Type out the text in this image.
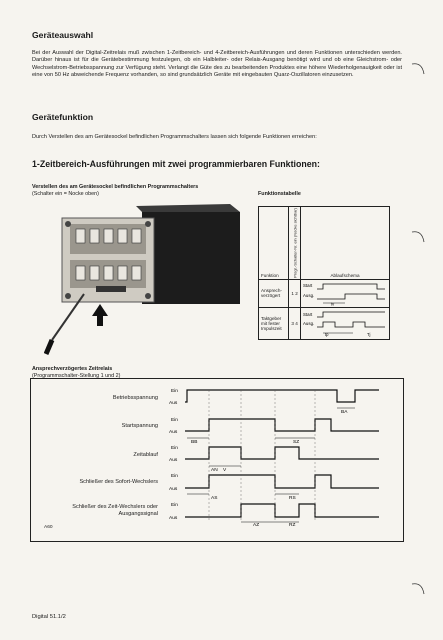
Geräteauswahl

Bei der Auswahl der Digital-Zeitrelais muß zwischen 1-Zeitbereich- und 4-Zeitbereich-Ausführungen und deren Funktionen unterschieden werden. Darüber hinaus ist für die Gerätebestimmung festzulegen, ob ein Halbleiter- oder Relais-Ausgang benötigt wird und ob eine Gleichstrom- oder Wechselstrom-Betriebsspannung zur Verfügung steht. Verlangt die Güte des zu bearbeitenden Produktes eine höhere Wiederholgenauigkeit oder ist eine von 50 Hz abweichende Frequenz vorhanden, so sind grundsätzlich Geräte mit eingebauten Quarz-Oszillatoren einzusetzen.

Gerätefunktion

Durch Verstellen des am Gerätesockel befindlichen Programmschalters lassen sich folgende Funktionen erreichen:

1-Zeitbereich-Ausführungen mit zwei programmierbaren Funktionen:
Verstellen des am Gerätesockel befindlichen Programmschalters
(Schalter ein = Nocke oben)	Funktionstabelle
Funktion	Progr.-Schalter-Nr. ein (Nocke sichtbar)	Ablaufschema
Ansprech-verzögert	1 2	Start
Ausg.
tv

Taktgeber mit fester Impulszeit	3 4	Start
Ausg.
tp Tj
Ansprechverzögertes Zeitrelais
(Programmschalter-Stellung 1 und 2)
Betriebsspannung
Startspannung
Zeitablauf
Schließer des Sofort-Wechslers
Schließer des Zeit-Wechslers oder Ausgangssignal
A60
Ein
Aus
Ein
Aus
Ein
Aus
Ein
Aus
Ein
Aus
BA
BB	SZ
AN V
AS	RS
AZ	RZ
Digital 51.1/2
